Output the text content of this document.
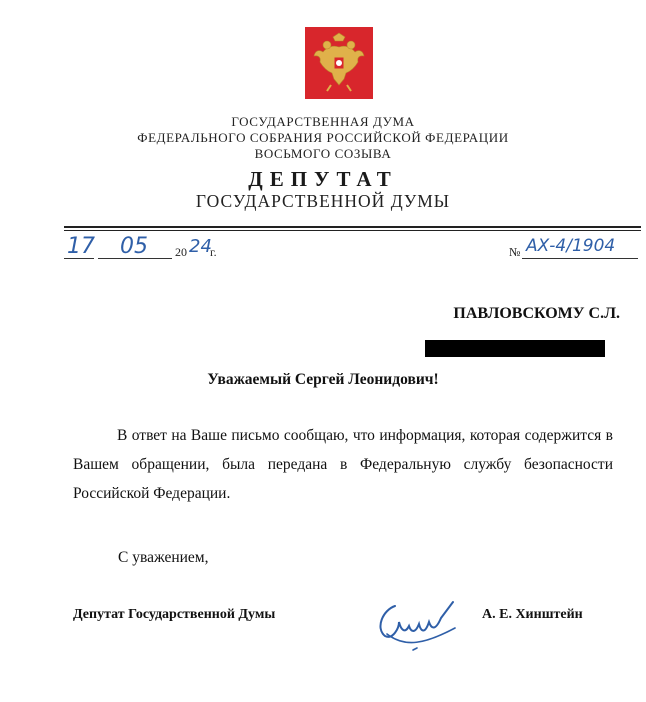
ГОСУДАРСТВЕННАЯ ДУМА
ФЕДЕРАЛЬНОГО СОБРАНИЯ РОССИЙСКОЙ ФЕДЕРАЦИИ
ВОСЬМОГО СОЗЫВА
ДЕПУТАТ
ГОСУДАРСТВЕННОЙ ДУМЫ
17 05 20 24
г.	№ АХ-4/1904
ПАВЛОВСКОМУ С.Л.
Уважаемый Сергей Леонидович!
В ответ на Ваше письмо сообщаю, что информация, которая содержится в Вашем обращении, была передана в Федеральную службу безопасности Российской Федерации.
С уважением,
Депутат Государственной Думы	А. Е. Хинштейн
